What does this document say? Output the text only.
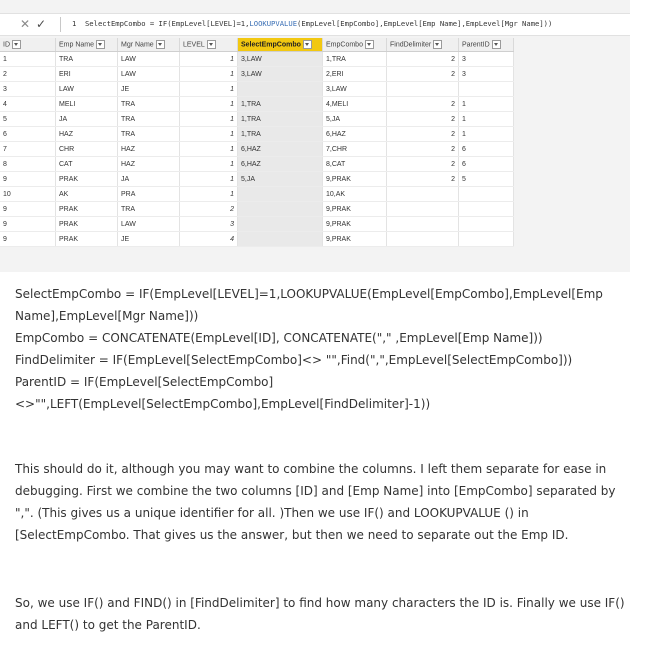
✕ ✓	1 SelectEmpCombo = IF(EmpLevel[LEVEL]=1,LOOKUPVALUE(EmpLevel[EmpCombo],EmpLevel[Emp Name],EmpLevel[Mgr Name]))
ID	Emp Name	Mgr Name	LEVEL	SelectEmpCombo	EmpCombo	FindDelimiter	ParentID
1	TRA	LAW	1	3,LAW	1,TRA	2	3
2	ERI	LAW	1	3,LAW	2,ERI	2	3
3	LAW	JE	1		3,LAW		
4	MELI	TRA	1	1,TRA	4,MELI	2	1
5	JA	TRA	1	1,TRA	5,JA	2	1
6	HAZ	TRA	1	1,TRA	6,HAZ	2	1
7	CHR	HAZ	1	6,HAZ	7,CHR	2	6
8	CAT	HAZ	1	6,HAZ	8,CAT	2	6
9	PRAK	JA	1	5,JA	9,PRAK	2	5
10	AK	PRA	1		10,AK		
9	PRAK	TRA	2		9,PRAK		
9	PRAK	LAW	3		9,PRAK		
9	PRAK	JE	4		9,PRAK		
SelectEmpCombo = IF(EmpLevel[LEVEL]=1,LOOKUPVALUE(EmpLevel[EmpCombo],EmpLevel[Emp
Name],EmpLevel[Mgr Name]))
EmpCombo = CONCATENATE(EmpLevel[ID], CONCATENATE("," ,EmpLevel[Emp Name]))
FindDelimiter = IF(EmpLevel[SelectEmpCombo]<> "",Find(",",EmpLevel[SelectEmpCombo]))
ParentID = IF(EmpLevel[SelectEmpCombo]
<>"",LEFT(EmpLevel[SelectEmpCombo],EmpLevel[FindDelimiter]-1))
This should do it, although you may want to combine the columns. I left them separate for ease in
debugging. First we combine the two columns [ID] and [Emp Name] into [EmpCombo] separated by
",". (This gives us a unique identifier for all. )Then we use IF() and LOOKUPVALUE () in
[SelectEmpCombo. That gives us the answer, but then we need to separate out the Emp ID.
So, we use IF() and FIND() in [FindDelimiter] to find how many characters the ID is. Finally we use IF()
and LEFT() to get the ParentID.
